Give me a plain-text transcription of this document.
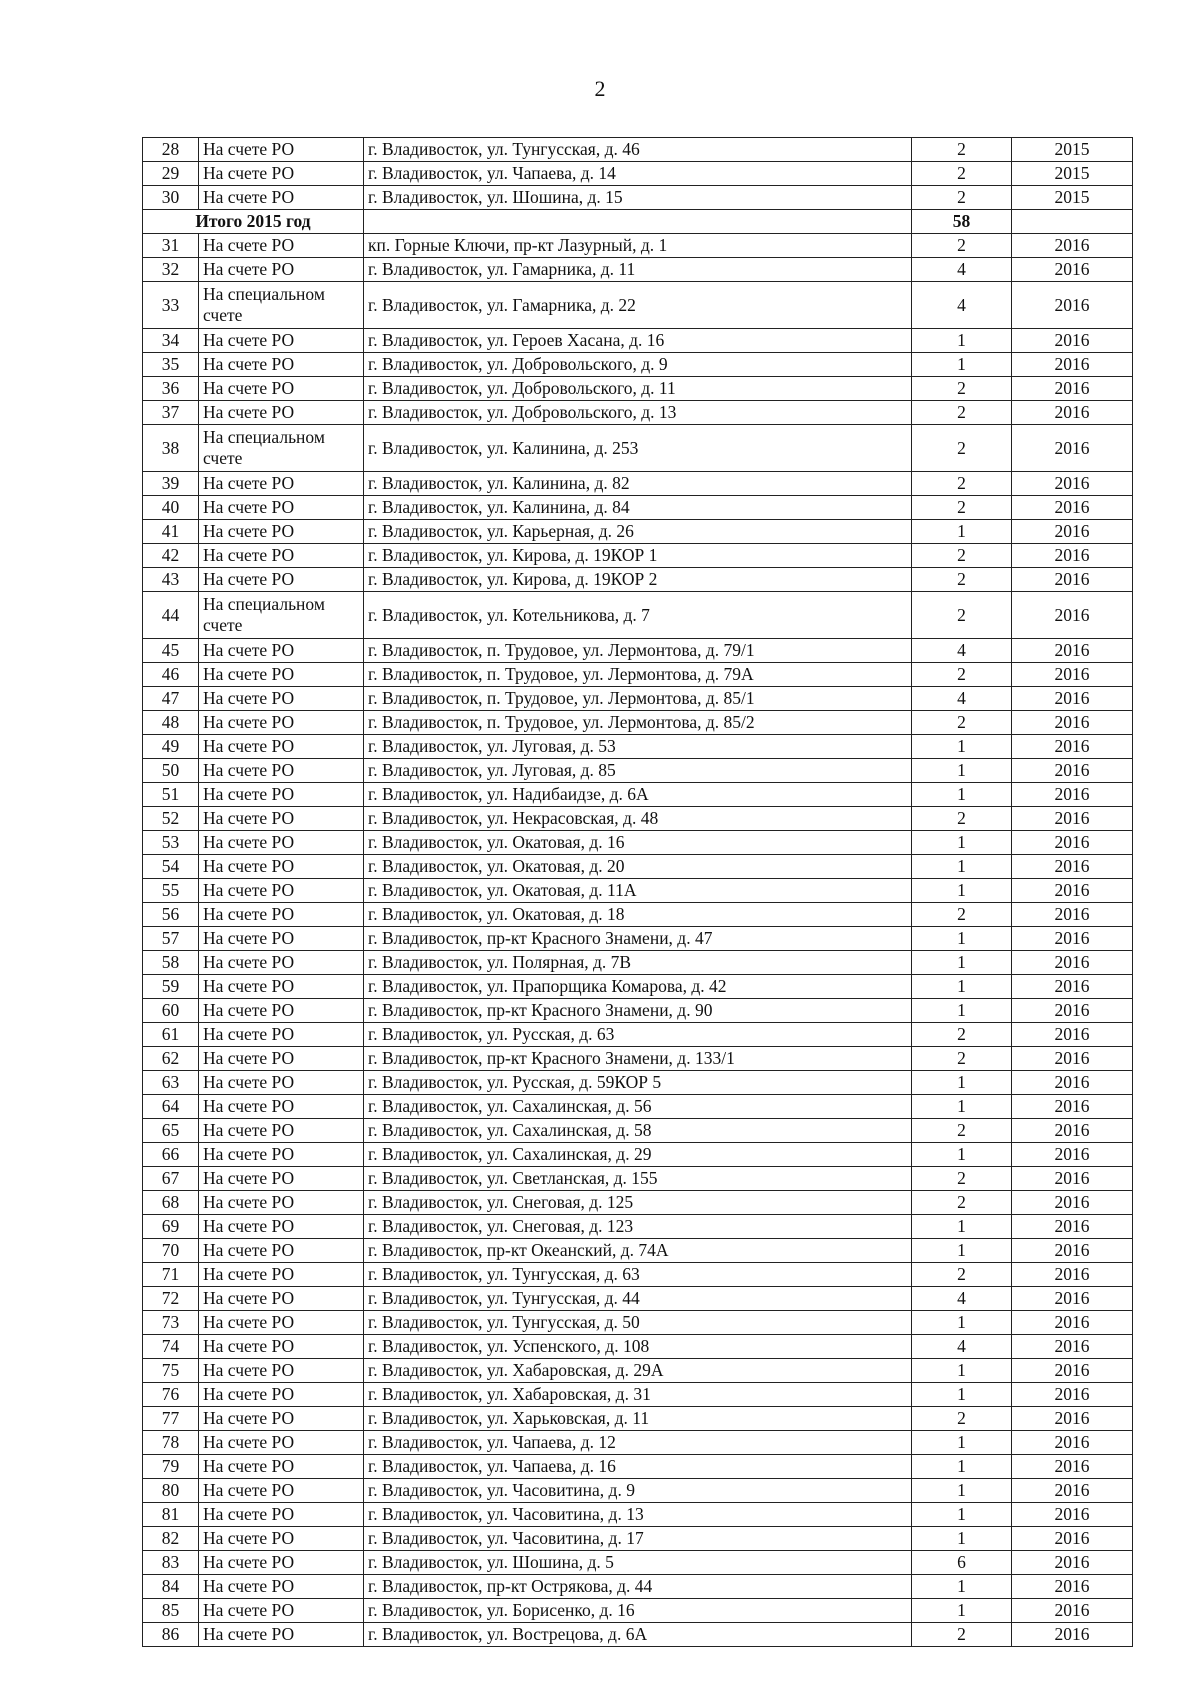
2
28	На счете РО	г. Владивосток, ул. Тунгусская, д. 46	2	2015
29	На счете РО	г. Владивосток, ул. Чапаева, д. 14	2	2015
30	На счете РО	г. Владивосток, ул. Шошина, д. 15	2	2015
Итого 2015 год			58	
31	На счете РО	кп. Горные Ключи, пр-кт Лазурный, д. 1	2	2016
32	На счете РО	г. Владивосток, ул. Гамарника, д. 11	4	2016
33	На специальном счете	г. Владивосток, ул. Гамарника, д. 22	4	2016
34	На счете РО	г. Владивосток, ул. Героев Хасана, д. 16	1	2016
35	На счете РО	г. Владивосток, ул. Добровольского, д. 9	1	2016
36	На счете РО	г. Владивосток, ул. Добровольского, д. 11	2	2016
37	На счете РО	г. Владивосток, ул. Добровольского, д. 13	2	2016
38	На специальном счете	г. Владивосток, ул. Калинина, д. 253	2	2016
39	На счете РО	г. Владивосток, ул. Калинина, д. 82	2	2016
40	На счете РО	г. Владивосток, ул. Калинина, д. 84	2	2016
41	На счете РО	г. Владивосток, ул. Карьерная, д. 26	1	2016
42	На счете РО	г. Владивосток, ул. Кирова, д. 19КОР 1	2	2016
43	На счете РО	г. Владивосток, ул. Кирова, д. 19КОР 2	2	2016
44	На специальном счете	г. Владивосток, ул. Котельникова, д. 7	2	2016
45	На счете РО	г. Владивосток, п. Трудовое, ул. Лермонтова, д. 79/1	4	2016
46	На счете РО	г. Владивосток, п. Трудовое, ул. Лермонтова, д. 79А	2	2016
47	На счете РО	г. Владивосток, п. Трудовое, ул. Лермонтова, д. 85/1	4	2016
48	На счете РО	г. Владивосток, п. Трудовое, ул. Лермонтова, д. 85/2	2	2016
49	На счете РО	г. Владивосток, ул. Луговая, д. 53	1	2016
50	На счете РО	г. Владивосток, ул. Луговая, д. 85	1	2016
51	На счете РО	г. Владивосток, ул. Надибаидзе, д. 6А	1	2016
52	На счете РО	г. Владивосток, ул. Некрасовская, д. 48	2	2016
53	На счете РО	г. Владивосток, ул. Окатовая, д. 16	1	2016
54	На счете РО	г. Владивосток, ул. Окатовая, д. 20	1	2016
55	На счете РО	г. Владивосток, ул. Окатовая, д. 11А	1	2016
56	На счете РО	г. Владивосток, ул. Окатовая, д. 18	2	2016
57	На счете РО	г. Владивосток, пр-кт Красного Знамени, д. 47	1	2016
58	На счете РО	г. Владивосток, ул. Полярная, д. 7В	1	2016
59	На счете РО	г. Владивосток, ул. Прапорщика Комарова, д. 42	1	2016
60	На счете РО	г. Владивосток, пр-кт Красного Знамени, д. 90	1	2016
61	На счете РО	г. Владивосток, ул. Русская, д. 63	2	2016
62	На счете РО	г. Владивосток, пр-кт Красного Знамени, д. 133/1	2	2016
63	На счете РО	г. Владивосток, ул. Русская, д. 59КОР 5	1	2016
64	На счете РО	г. Владивосток, ул. Сахалинская, д. 56	1	2016
65	На счете РО	г. Владивосток, ул. Сахалинская, д. 58	2	2016
66	На счете РО	г. Владивосток, ул. Сахалинская, д. 29	1	2016
67	На счете РО	г. Владивосток, ул. Светланская, д. 155	2	2016
68	На счете РО	г. Владивосток, ул. Снеговая, д. 125	2	2016
69	На счете РО	г. Владивосток, ул. Снеговая, д. 123	1	2016
70	На счете РО	г. Владивосток, пр-кт Океанский, д. 74А	1	2016
71	На счете РО	г. Владивосток, ул. Тунгусская, д. 63	2	2016
72	На счете РО	г. Владивосток, ул. Тунгусская, д. 44	4	2016
73	На счете РО	г. Владивосток, ул. Тунгусская, д. 50	1	2016
74	На счете РО	г. Владивосток, ул. Успенского, д. 108	4	2016
75	На счете РО	г. Владивосток, ул. Хабаровская, д. 29А	1	2016
76	На счете РО	г. Владивосток, ул. Хабаровская, д. 31	1	2016
77	На счете РО	г. Владивосток, ул. Харьковская, д. 11	2	2016
78	На счете РО	г. Владивосток, ул. Чапаева, д. 12	1	2016
79	На счете РО	г. Владивосток, ул. Чапаева, д. 16	1	2016
80	На счете РО	г. Владивосток, ул. Часовитина, д. 9	1	2016
81	На счете РО	г. Владивосток, ул. Часовитина, д. 13	1	2016
82	На счете РО	г. Владивосток, ул. Часовитина, д. 17	1	2016
83	На счете РО	г. Владивосток, ул. Шошина, д. 5	6	2016
84	На счете РО	г. Владивосток, пр-кт Острякова, д. 44	1	2016
85	На счете РО	г. Владивосток, ул. Борисенко, д. 16	1	2016
86	На счете РО	г. Владивосток, ул. Вострецова, д. 6А	2	2016
